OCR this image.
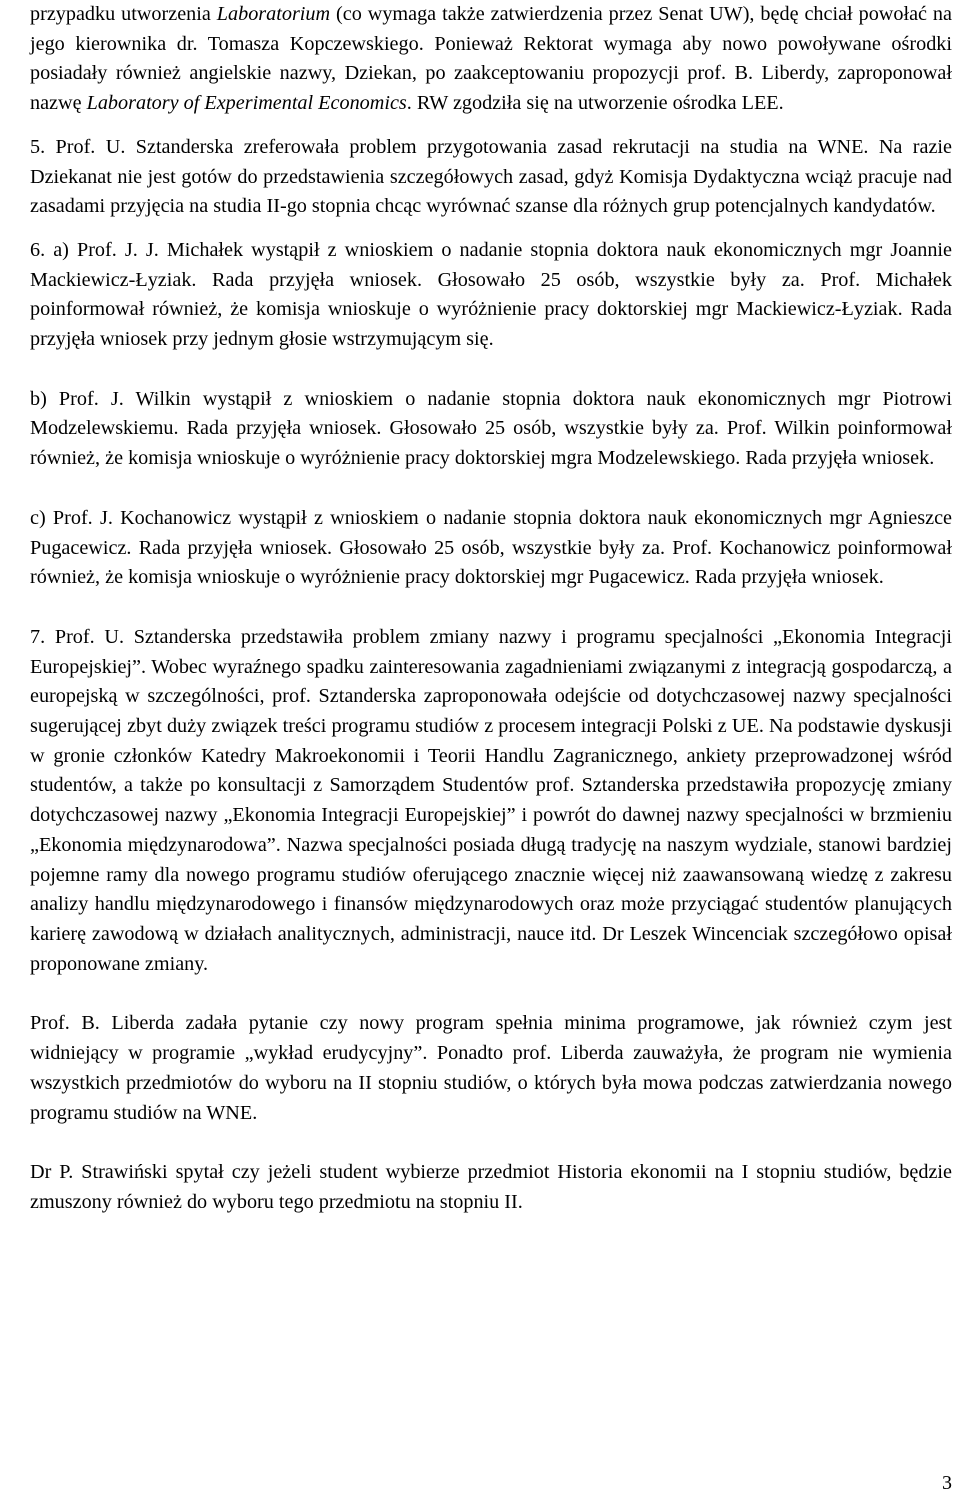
przypadku utworzenia Laboratorium (co wymaga także zatwierdzenia przez Senat UW), będę chciał powołać na jego kierownika dr. Tomasza Kopczewskiego. Ponieważ Rektorat wymaga aby nowo powoływane ośrodki posiadały również angielskie nazwy, Dziekan, po zaakceptowaniu propozycji prof. B. Liberdy, zaproponował nazwę Laboratory of Experimental Economics. RW zgodziła się na utworzenie ośrodka LEE.

5. Prof. U. Sztanderska zreferowała problem przygotowania zasad rekrutacji na studia na WNE. Na razie Dziekanat nie jest gotów do przedstawienia szczegółowych zasad, gdyż Komisja Dydaktyczna wciąż pracuje nad zasadami przyjęcia na studia II-go stopnia chcąc wyrównać szanse dla różnych grup potencjalnych kandydatów.

6. a) Prof. J. J. Michałek wystąpił z wnioskiem o nadanie stopnia doktora nauk ekonomicznych mgr Joannie Mackiewicz-Łyziak. Rada przyjęła wniosek. Głosowało 25 osób, wszystkie były za. Prof. Michałek poinformował również, że komisja wnioskuje o wyróżnienie pracy doktorskiej mgr Mackiewicz-Łyziak. Rada przyjęła wniosek przy jednym głosie wstrzymującym się.

b) Prof. J. Wilkin wystąpił z wnioskiem o nadanie stopnia doktora nauk ekonomicznych mgr Piotrowi Modzelewskiemu. Rada przyjęła wniosek. Głosowało 25 osób, wszystkie były za. Prof. Wilkin poinformował również, że komisja wnioskuje o wyróżnienie pracy doktorskiej mgra Modzelewskiego. Rada przyjęła wniosek.

c) Prof. J. Kochanowicz wystąpił z wnioskiem o nadanie stopnia doktora nauk ekonomicznych mgr Agnieszce Pugacewicz. Rada przyjęła wniosek. Głosowało 25 osób, wszystkie były za. Prof. Kochanowicz poinformował również, że komisja wnioskuje o wyróżnienie pracy doktorskiej mgr Pugacewicz. Rada przyjęła wniosek.

7. Prof. U. Sztanderska przedstawiła problem zmiany nazwy i programu specjalności „Ekonomia Integracji Europejskiej”. Wobec wyraźnego spadku zainteresowania zagadnieniami związanymi z integracją gospodarczą, a europejską w szczególności, prof. Sztanderska zaproponowała odejście od dotychczasowej nazwy specjalności sugerującej zbyt duży związek treści programu studiów z procesem integracji Polski z UE. Na podstawie dyskusji w gronie członków Katedry Makroekonomii i Teorii Handlu Zagranicznego, ankiety przeprowadzonej wśród studentów, a także po konsultacji z Samorządem Studentów prof. Sztanderska przedstawiła propozycję zmiany dotychczasowej nazwy „Ekonomia Integracji Europejskiej” i powrót do dawnej nazwy specjalności w brzmieniu „Ekonomia międzynarodowa”. Nazwa specjalności posiada długą tradycję na naszym wydziale, stanowi bardziej pojemne ramy dla nowego programu studiów oferującego znacznie więcej niż zaawansowaną wiedzę z zakresu analizy handlu międzynarodowego i finansów międzynarodowych oraz może przyciągać studentów planujących karierę zawodową w działach analitycznych, administracji, nauce itd. Dr Leszek Wincenciak szczegółowo opisał proponowane zmiany.

Prof. B. Liberda zadała pytanie czy nowy program spełnia minima programowe, jak również czym jest widniejący w programie „wykład erudycyjny”. Ponadto prof. Liberda zauważyła, że program nie wymienia wszystkich przedmiotów do wyboru na II stopniu studiów, o których była mowa podczas zatwierdzania nowego programu studiów na WNE.

Dr P. Strawiński spytał czy jeżeli student wybierze przedmiot Historia ekonomii na I stopniu studiów, będzie zmuszony również do wyboru tego przedmiotu na stopniu II.

3
